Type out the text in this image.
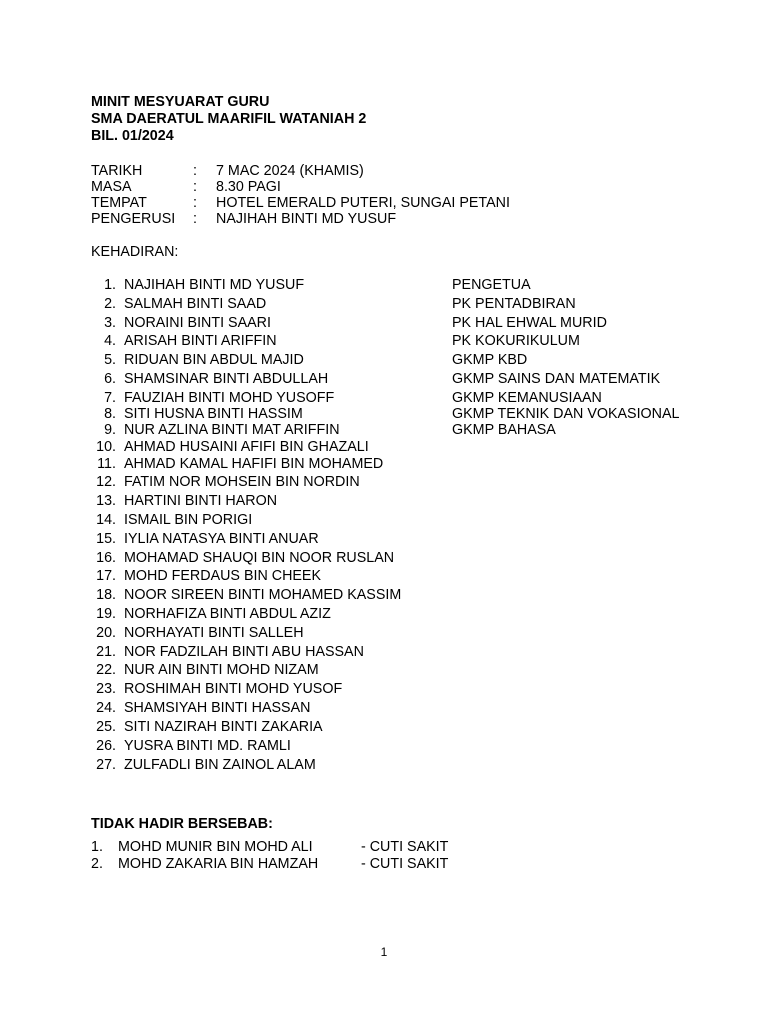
MINIT MESYUARAT GURU
SMA DAERATUL MAARIFIL WATANIAH 2
BIL. 01/2024
TARIKH	: 7 MAC 2024 (KHAMIS)
MASA	: 8.30 PAGI
TEMPAT	: HOTEL EMERALD PUTERI, SUNGAI PETANI
PENGERUSI : NAJIHAH BINTI MD YUSUF
KEHADIRAN:
1. NAJIHAH BINTI MD YUSUF	PENGETUA
2. SALMAH BINTI SAAD	PK PENTADBIRAN
3. NORAINI BINTI SAARI	PK HAL EHWAL MURID
4. ARISAH BINTI ARIFFIN	PK KOKURIKULUM
5. RIDUAN BIN ABDUL MAJID	GKMP KBD
6. SHAMSINAR BINTI ABDULLAH	GKMP SAINS DAN MATEMATIK
7. FAUZIAH BINTI MOHD YUSOFF	GKMP KEMANUSIAAN
8. SITI HUSNA BINTI HASSIM	GKMP TEKNIK DAN VOKASIONAL
9. NUR AZLINA BINTI MAT ARIFFIN	GKMP BAHASA
10. AHMAD HUSAINI AFIFI BIN GHAZALI
11. AHMAD KAMAL HAFIFI BIN MOHAMED
12. FATIM NOR MOHSEIN BIN NORDIN
13. HARTINI BINTI HARON
14. ISMAIL BIN PORIGI
15. IYLIA NATASYA BINTI ANUAR
16. MOHAMAD SHAUQI BIN NOOR RUSLAN
17. MOHD FERDAUS BIN CHEEK
18. NOOR SIREEN BINTI MOHAMED KASSIM
19. NORHAFIZA BINTI ABDUL AZIZ
20. NORHAYATI BINTI SALLEH
21. NOR FADZILAH BINTI ABU HASSAN
22. NUR AIN BINTI MOHD NIZAM
23. ROSHIMAH BINTI MOHD YUSOF
24. SHAMSIYAH BINTI HASSAN
25. SITI NAZIRAH BINTI ZAKARIA
26. YUSRA BINTI MD. RAMLI
27. ZULFADLI BIN ZAINOL ALAM
TIDAK HADIR BERSEBAB:
1. MOHD MUNIR BIN MOHD ALI	- CUTI SAKIT
2. MOHD ZAKARIA BIN HAMZAH	- CUTI SAKIT
1
